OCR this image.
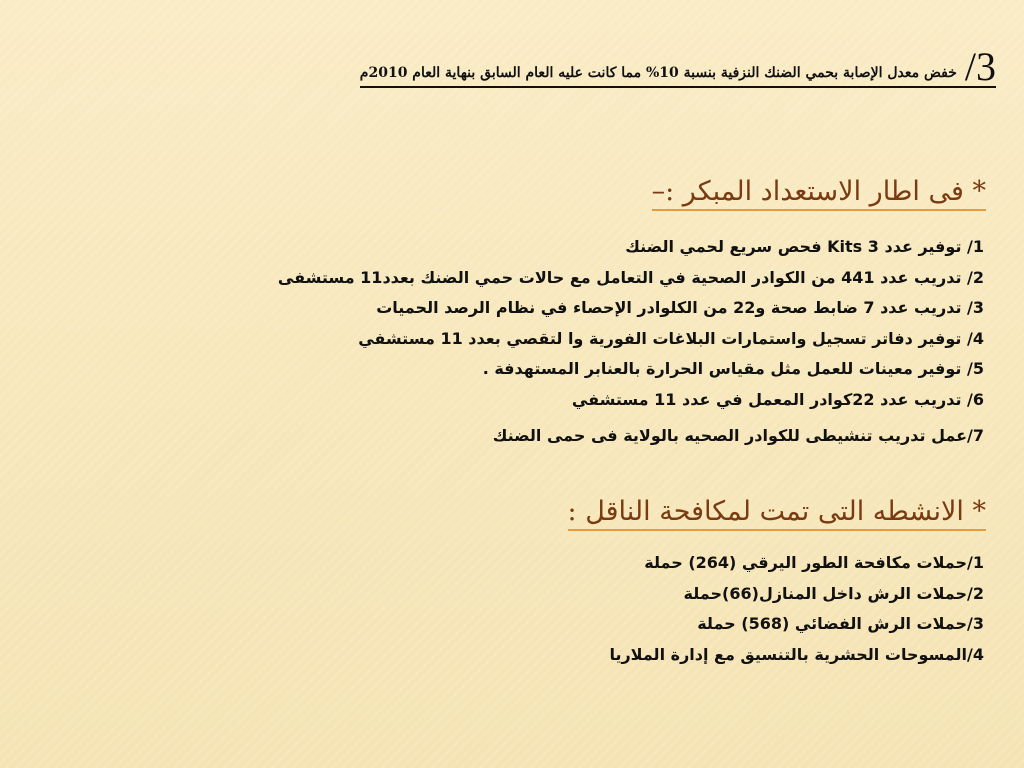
خفض معدل الإصابة بحمي الضنك النزفية بنسبة 10% مما كانت عليه العام السابق بنهاية العام 2010م /3
* فى اطار الاستعداد المبكر :–
1/ توفير عدد 3 Kits فحص سريع لحمي الضنك
2/ تدريب عدد 441 من الكوادر الصحية في التعامل مع حالات حمي الضنك بعدد11 مستشفى
3/ تدريب عدد 7 ضابط صحة و22 من الكلوادر الإحصاء في نظام الرصد الحميات
4/ توفير دفاتر تسجيل واستمارات البلاغات الفورية وا لتقصي بعدد 11 مستشفي
5/ توفير معينات للعمل مثل مقياس الحرارة بالعنابر المستهدفة .
6/ تدريب عدد 22كوادر المعمل في عدد 11 مستشفي
7/عمل تدريب تنشيطى للكوادر الصحيه بالولاية فى حمى الضنك
* الانشطه التى تمت لمكافحة الناقل :
1/حملات مكافحة الطور اليرقي (264) حملة
2/حملات الرش داخل المنازل(66)حملة
3/حملات الرش الفضائي (568) حملة
4/المسوحات الحشرية بالتنسيق مع إدارة الملاريا
